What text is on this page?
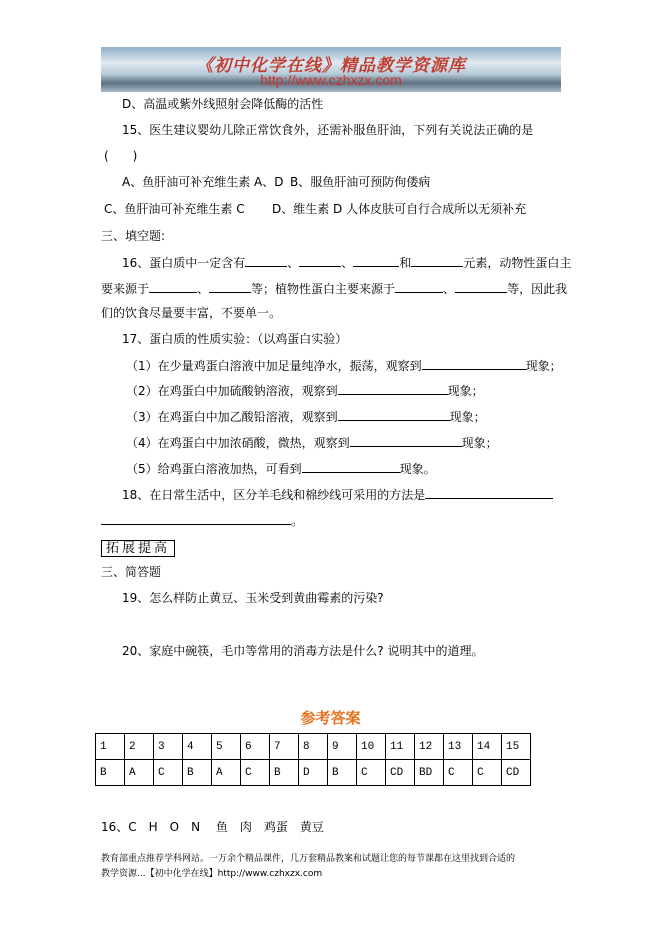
《初中化学在线》精品教学资源库
http://www.czhxzx.com
D、高温或紫外线照射会降低酶的活性
15、医生建议婴幼儿除正常饮食外，还需补服鱼肝油，下列有关说法正确的是
(　　)
A、鱼肝油可补充维生素 A、D B、服鱼肝油可预防佝偻病
C、鱼肝油可补充维生素 C D、维生素 D 人体皮肤可自行合成所以无须补充
三、填空题:
16、蛋白质中一定含有	、	、	和	元素，动物性蛋白主
要来源于	、	等；植物性蛋白主要来源于	、	等，因此我
们的饮食尽量要丰富，不要单一。
17、蛋白质的性质实验：（以鸡蛋白实验）
（1）在少量鸡蛋白溶液中加足量纯净水，振荡，观察到	现象；
（2）在鸡蛋白中加硫酸钠溶液，观察到	现象；
（3）在鸡蛋白中加乙酸铅溶液，观察到	现象；
（4）在鸡蛋白中加浓硝酸，微热，观察到	现象；
（5）给鸡蛋白溶液加热，可看到	现象。
18、在日常生活中，区分羊毛线和棉纱线可采用的方法是
。
拓展提高
三、简答题
19、怎么样防止黄豆、玉米受到黄曲霉素的污染?
20、家庭中碗筷，毛巾等常用的消毒方法是什么? 说明其中的道理。
参考答案
1	2	3	4	5	6	7	8	9	10	11	12	13	14	15
B	A	C	B	A	C	B	D	B	C	CD	BD	C	C	CD
16、C　H　O　N　 鱼　肉　鸡蛋　黄豆
教育部重点推荐学科网站。一万余个精品课件，几万套精品教案和试题让您的每节课都在这里找到合适的
教学资源...【初中化学在线】http://www.czhxzx.com
